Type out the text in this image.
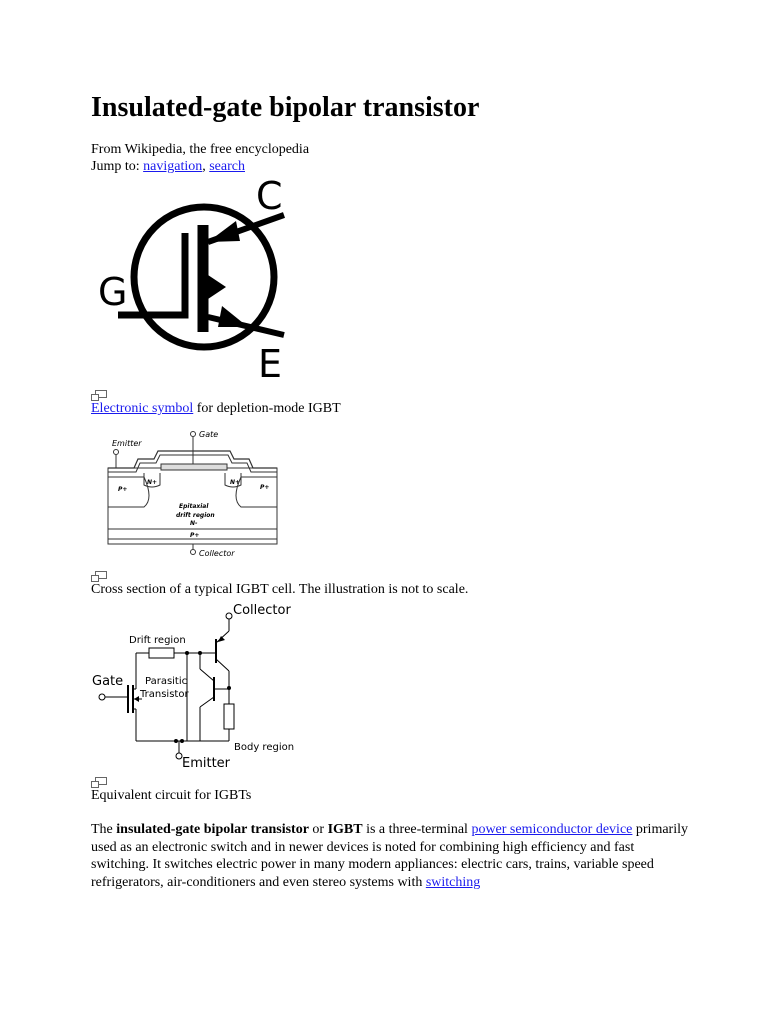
Insulated-gate bipolar transistor
From Wikipedia, the free encyclopedia
Jump to: navigation, search
C
G
E
Electronic symbol for depletion-mode IGBT
Emitter
Gate
Collector
N+	N+
P+	P+
Epitaxial
drift region
N-
P+
Cross section of a typical IGBT cell. The illustration is not to scale.
Collector
Drift region
Gate Parasitic
Transistor
Body region
Emitter
Equivalent circuit for IGBTs

The insulated-gate bipolar transistor or IGBT is a three-terminal power semiconductor device primarily used as an electronic switch and in newer devices is noted for combining high efficiency and fast switching. It switches electric power in many modern appliances: electric cars, trains, variable speed refrigerators, air-conditioners and even stereo systems with switching
